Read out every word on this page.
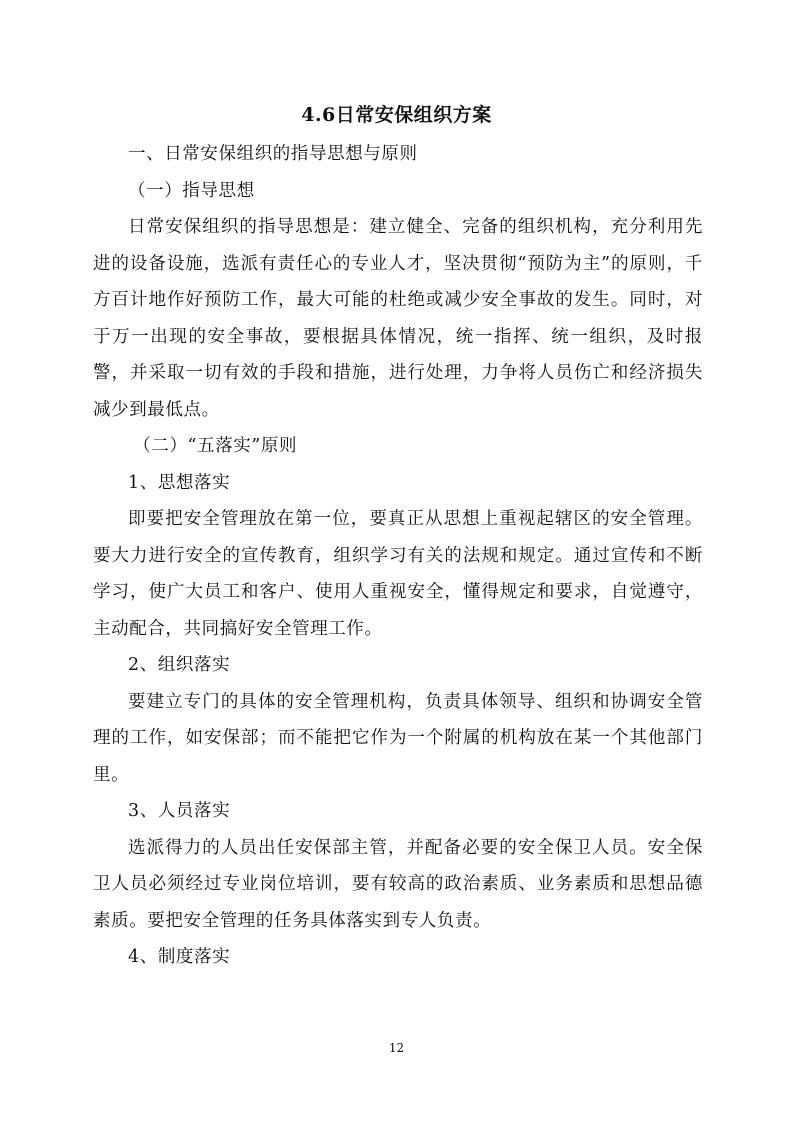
4.6日常安保组织方案

一、日常安保组织的指导思想与原则

（一）指导思想

日常安保组织的指导思想是：建立健全、完备的组织机构，充分利用先进的设备设施，选派有责任心的专业人才，坚决贯彻“预防为主”的原则，千方百计地作好预防工作，最大可能的杜绝或减少安全事故的发生。同时，对于万一出现的安全事故，要根据具体情况，统一指挥、统一组织，及时报警，并采取一切有效的手段和措施，进行处理，力争将人员伤亡和经济损失减少到最低点。

（二）“五落实”原则

1、思想落实

即要把安全管理放在第一位，要真正从思想上重视起辖区的安全管理。要大力进行安全的宣传教育，组织学习有关的法规和规定。通过宣传和不断学习，使广大员工和客户、使用人重视安全，懂得规定和要求，自觉遵守，主动配合，共同搞好安全管理工作。

2、组织落实

要建立专门的具体的安全管理机构，负责具体领导、组织和协调安全管理的工作，如安保部；而不能把它作为一个附属的机构放在某一个其他部门里。

3、人员落实

选派得力的人员出任安保部主管，并配备必要的安全保卫人员。安全保卫人员必须经过专业岗位培训，要有较高的政治素质、业务素质和思想品德素质。要把安全管理的任务具体落实到专人负责。

4、制度落实

12
